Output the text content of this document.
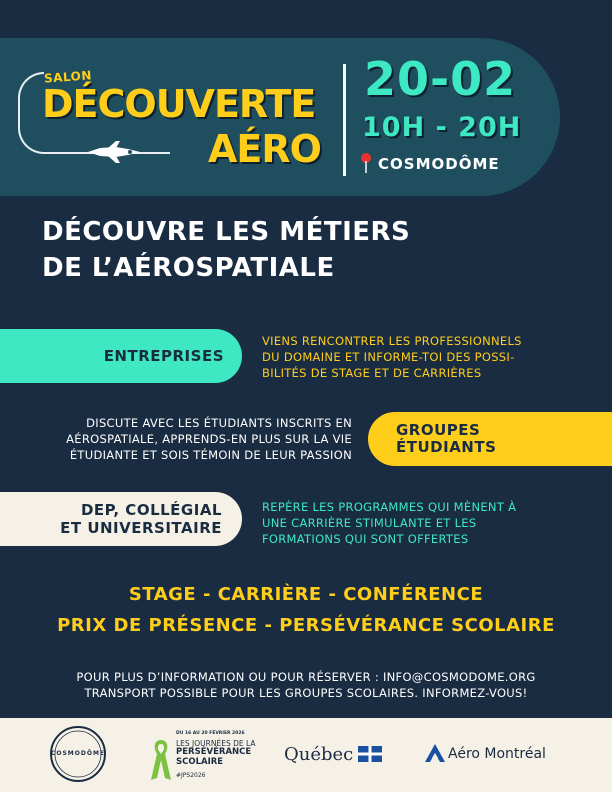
SALON
DÉCOUVERTE
AÉRO
20-02
10H - 20H
COSMODÔME
DÉCOUVRE LES MÉTIERS
DE L’AÉROSPATIALE
ENTREPRISES
VIENS RENCONTRER LES PROFESSIONNELS
DU DOMAINE ET INFORME-TOI DES POSSI-
BILITÉS DE STAGE ET DE CARRIÈRES
DISCUTE AVEC LES ÉTUDIANTS INSCRITS EN
AÉROSPATIALE, APPRENDS-EN PLUS SUR LA VIE
ÉTUDIANTE ET SOIS TÉMOIN DE LEUR PASSION
GROUPES
ÉTUDIANTS
DEP, COLLÉGIAL
ET UNIVERSITAIRE
REPÈRE LES PROGRAMMES QUI MÈNENT À
UNE CARRIÈRE STIMULANTE ET LES
FORMATIONS QUI SONT OFFERTES
STAGE - CARRIÈRE - CONFÉRENCE
PRIX DE PRÉSENCE - PERSÉVÉRANCE SCOLAIRE
POUR PLUS D’INFORMATION OU POUR RÉSERVER : INFO@COSMODOME.ORG
TRANSPORT POSSIBLE POUR LES GROUPES SCOLAIRES. INFORMEZ-VOUS!
COSMODÔME
DU 16 AU 20 FÉVRIER 2026
LES JOURNÉES DE LA
PERSÉVÉRANCE
SCOLAIRE
#JPS2026
Québec	Aéro Montréal
